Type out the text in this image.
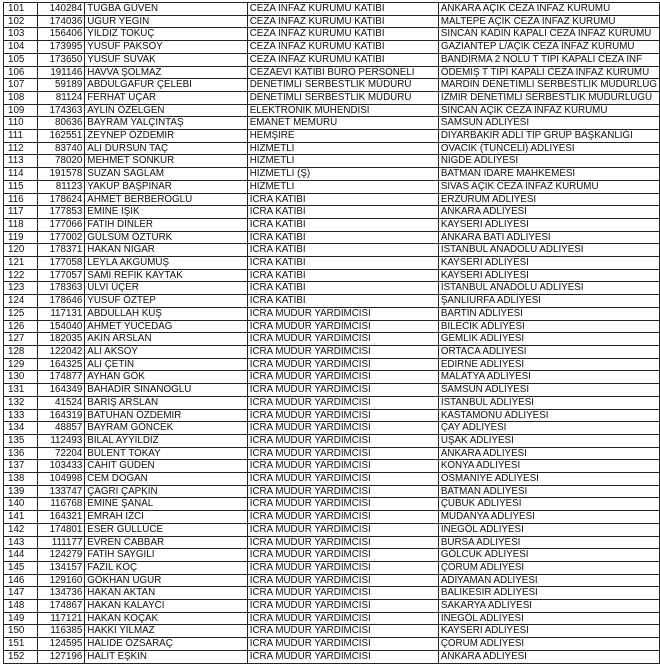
101	140284	TUĞBA GÜVEN	CEZA İNFAZ KURUMU KATİBİ	ANKARA AÇIK CEZA İNFAZ KURUMU
102	174036	UĞUR YEGİN	CEZA İNFAZ KURUMU KATİBİ	MALTEPE AÇIK CEZA İNFAZ KURUMU
103	156406	YILDIZ TOKUÇ	CEZA İNFAZ KURUMU KATİBİ	SİNCAN KADIN KAPALI CEZA İNFAZ KURUMU
104	173995	YUSUF PAKSOY	CEZA İNFAZ KURUMU KATİBİ	GAZİANTEP L/AÇIK CEZA İNFAZ KURUMU
105	173650	YUSUF SUVAK	CEZA İNFAZ KURUMU KATİBİ	BANDIRMA 2 NOLU T TİPİ KAPALI CEZA İNF
106	191146	HAVVA ŞOLMAZ	CEZAEVİ KATİBİ BÜRO PERSONELİ	ÖDEMİŞ T TİPİ KAPALI CEZA İNFAZ KURUMU
107	59189	ABDULĞAFUR ÇELEBİ	DENETİMLİ SERBESTLİK MÜDÜRÜ	MARDİN DENETİMLİ SERBESTLİK MÜDÜRLÜĞ
108	81124	FERHAT UÇAR	DENETİMLİ SERBESTLİK MÜDÜRÜ	İZMİR DENETİMLİ SERBESTLİK MÜDÜRLÜĞÜ
109	174363	AYLİN ÖZELGEN	ELEKTRONİK MÜHENDİSİ	SİNCAN AÇIK CEZA İNFAZ KURUMU
110	80636	BAYRAM YALÇINTAŞ	EMANET MEMURU	SAMSUN ADLİYESİ
111	162551	ZEYNEP ÖZDEMİR	HEMŞİRE	DİYARBAKIR ADLİ TIP GRUP BAŞKANLIĞI
112	83740	ALİ DURSUN TAÇ	HİZMETLİ	OVACIK (TUNCELİ) ADLİYESİ
113	78020	MEHMET SONKUR	HİZMETLİ	NİĞDE ADLİYESİ
114	191578	SUZAN SAĞLAM	HİZMETLİ (Ş)	BATMAN İDARE MAHKEMESİ
115	81123	YAKUP BAŞPINAR	HİZMETLİ	SİVAS AÇIK CEZA İNFAZ KURUMU
116	178624	AHMET BERBEROĞLU	İCRA KATİBİ	ERZURUM ADLİYESİ
117	177853	EMİNE IŞIK	İCRA KATİBİ	ANKARA ADLİYESİ
118	177066	FATİH DİNLER	İCRA KATİBİ	KAYSERİ ADLİYESİ
119	177002	GÜLSÜM ÖZTÜRK	İCRA KATİBİ	ANKARA BATI ADLİYESİ
120	178371	HAKAN NİGAR	İCRA KATİBİ	İSTANBUL ANADOLU ADLİYESİ
121	177058	LEYLA AKGÜMÜŞ	İCRA KATİBİ	KAYSERİ ADLİYESİ
122	177057	SAMİ REFİK KAYTAK	İCRA KATİBİ	KAYSERİ ADLİYESİ
123	178363	ULVİ ÜÇER	İCRA KATİBİ	İSTANBUL ANADOLU ADLİYESİ
124	178646	YUSUF ÖZTEP	İCRA KATİBİ	ŞANLIURFA ADLİYESİ
125	117131	ABDULLAH KUŞ	İCRA MÜDÜR YARDIMCISI	BARTIN ADLİYESİ
126	154040	AHMET YÜCEDAĞ	İCRA MÜDÜR YARDIMCISI	BİLECİK ADLİYESİ
127	182035	AKIN ARSLAN	İCRA MÜDÜR YARDIMCISI	GEMLİK ADLİYESİ
128	122042	ALİ AKSOY	İCRA MÜDÜR YARDIMCISI	ORTACA ADLİYESİ
129	164325	ALİ ÇETİN	İCRA MÜDÜR YARDIMCISI	EDİRNE ADLİYESİ
130	174877	AYHAN GÖK	İCRA MÜDÜR YARDIMCISI	MALATYA ADLİYESİ
131	164349	BAHADIR SİNANOĞLU	İCRA MÜDÜR YARDIMCISI	SAMSUN ADLİYESİ
132	41524	BARIŞ ARSLAN	İCRA MÜDÜR YARDIMCISI	İSTANBUL ADLİYESİ
133	164319	BATUHAN ÖZDEMİR	İCRA MÜDÜR YARDIMCISI	KASTAMONU ADLİYESİ
134	48857	BAYRAM GÖNCEK	İCRA MÜDÜR YARDIMCISI	ÇAY ADLİYESİ
135	112493	BİLAL AYYILDIZ	İCRA MÜDÜR YARDIMCISI	UŞAK ADLİYESİ
136	72204	BÜLENT TOKAY	İCRA MÜDÜR YARDIMCISI	ANKARA ADLİYESİ
137	103433	CAHİT GÜDEN	İCRA MÜDÜR YARDIMCISI	KONYA ADLİYESİ
138	104998	CEM DOĞAN	İCRA MÜDÜR YARDIMCISI	OSMANİYE ADLİYESİ
139	133747	ÇAĞRI ÇAPKIN	İCRA MÜDÜR YARDIMCISI	BATMAN ADLİYESİ
140	116768	EMİNE ŞANAL	İCRA MÜDÜR YARDIMCISI	ÇUBUK ADLİYESİ
141	164321	EMRAH İZCİ	İCRA MÜDÜR YARDIMCISI	MUDANYA ADLİYESİ
142	174801	ESER GÜLLÜCE	İCRA MÜDÜR YARDIMCISI	İNEGÖL ADLİYESİ
143	111177	EVREN CABBAR	İCRA MÜDÜR YARDIMCISI	BURSA ADLİYESİ
144	124279	FATİH SAYGILI	İCRA MÜDÜR YARDIMCISI	GÖLCÜK ADLİYESİ
145	134157	FAZIL KOÇ	İCRA MÜDÜR YARDIMCISI	ÇORUM ADLİYESİ
146	129160	GÖKHAN UĞUR	İCRA MÜDÜR YARDIMCISI	ADIYAMAN ADLİYESİ
147	134736	HAKAN AKTAN	İCRA MÜDÜR YARDIMCISI	BALIKESİR ADLİYESİ
148	174867	HAKAN KALAYCI	İCRA MÜDÜR YARDIMCISI	SAKARYA ADLİYESİ
149	117121	HAKAN KOÇAK	İCRA MÜDÜR YARDIMCISI	İNEGÖL ADLİYESİ
150	116385	HAKKI YILMAZ	İCRA MÜDÜR YARDIMCISI	KAYSERİ ADLİYESİ
151	124595	HALİDE ÖZSARAÇ	İCRA MÜDÜR YARDIMCISI	ÇORUM ADLİYESİ
152	127196	HALİT EŞKİN	İCRA MÜDÜR YARDIMCISI	ANKARA ADLİYESİ
